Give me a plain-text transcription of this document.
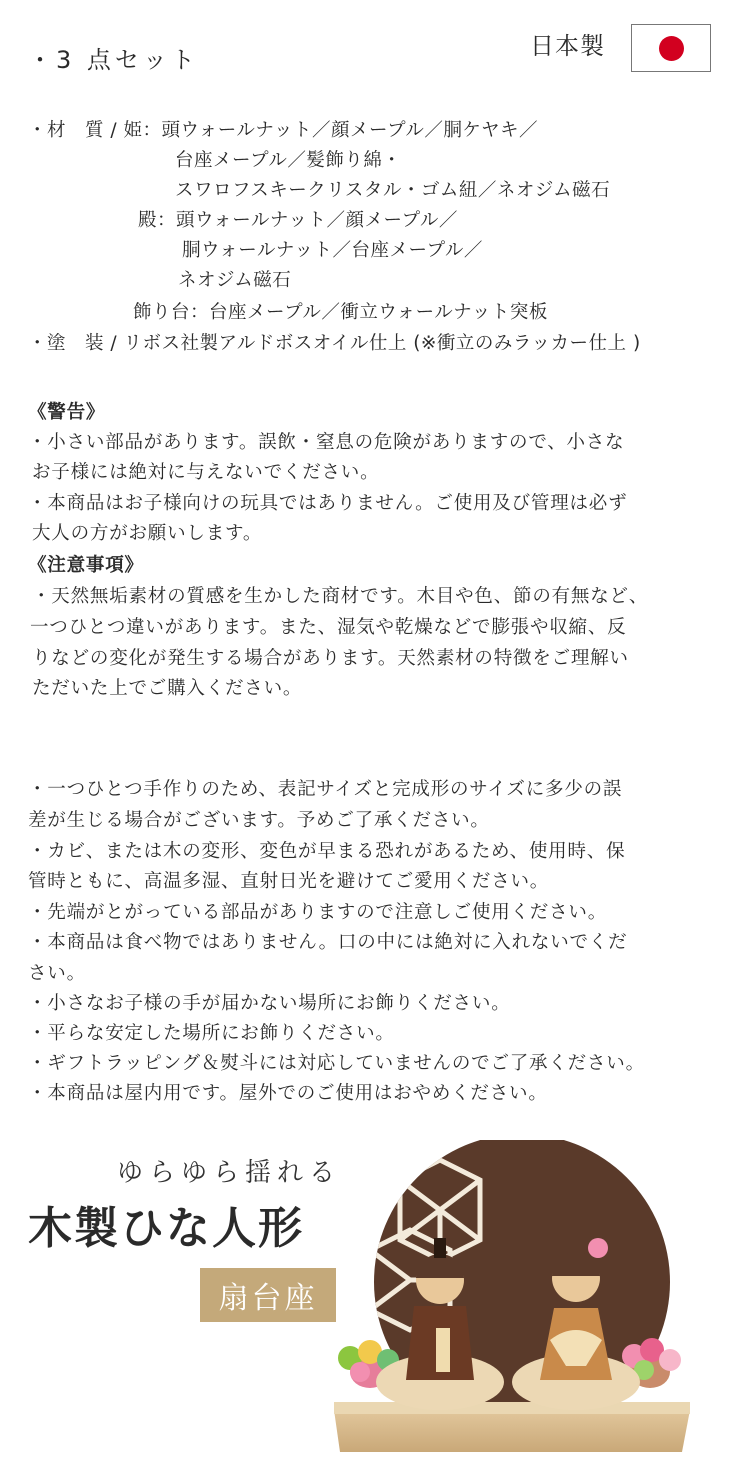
・3 点セット	日本製
・材　質 / 姫：頭ウォールナット／顔メープル／胴ケヤキ／
台座メープル／髪飾り綿・
スワロフスキークリスタル・ゴム紐／ネオジム磁石
殿：頭ウォールナット／顔メープル／
胴ウォールナット／台座メープル／
ネオジム磁石
飾り台：台座メープル／衝立ウォールナット突板
・塗　装 / リボス社製アルドボスオイル仕上 (※衝立のみラッカー仕上 )
《警告》
・小さい部品があります。誤飲・窒息の危険がありますので、小さな
お子様には絶対に与えないでください。
・本商品はお子様向けの玩具ではありません。ご使用及び管理は必ず
大人の方がお願いします。
《注意事項》
・天然無垢素材の質感を生かした商材です。木目や色、節の有無など、
一つひとつ違いがあります。また、湿気や乾燥などで膨張や収縮、反
りなどの変化が発生する場合があります。天然素材の特徴をご理解い
ただいた上でご購入ください。
・一つひとつ手作りのため、表記サイズと完成形のサイズに多少の誤
差が生じる場合がございます。予めご了承ください。
・カビ、または木の変形、変色が早まる恐れがあるため、使用時、保
管時ともに、高温多湿、直射日光を避けてご愛用ください。
・先端がとがっている部品がありますので注意しご使用ください。
・本商品は食べ物ではありません。口の中には絶対に入れないでくだ
さい。
・小さなお子様の手が届かない場所にお飾りください。
・平らな安定した場所にお飾りください。
・ギフトラッピング＆熨斗には対応していませんのでご了承ください。
・本商品は屋内用です。屋外でのご使用はおやめください。
ゆらゆら揺れる
木製ひな人形
扇台座
